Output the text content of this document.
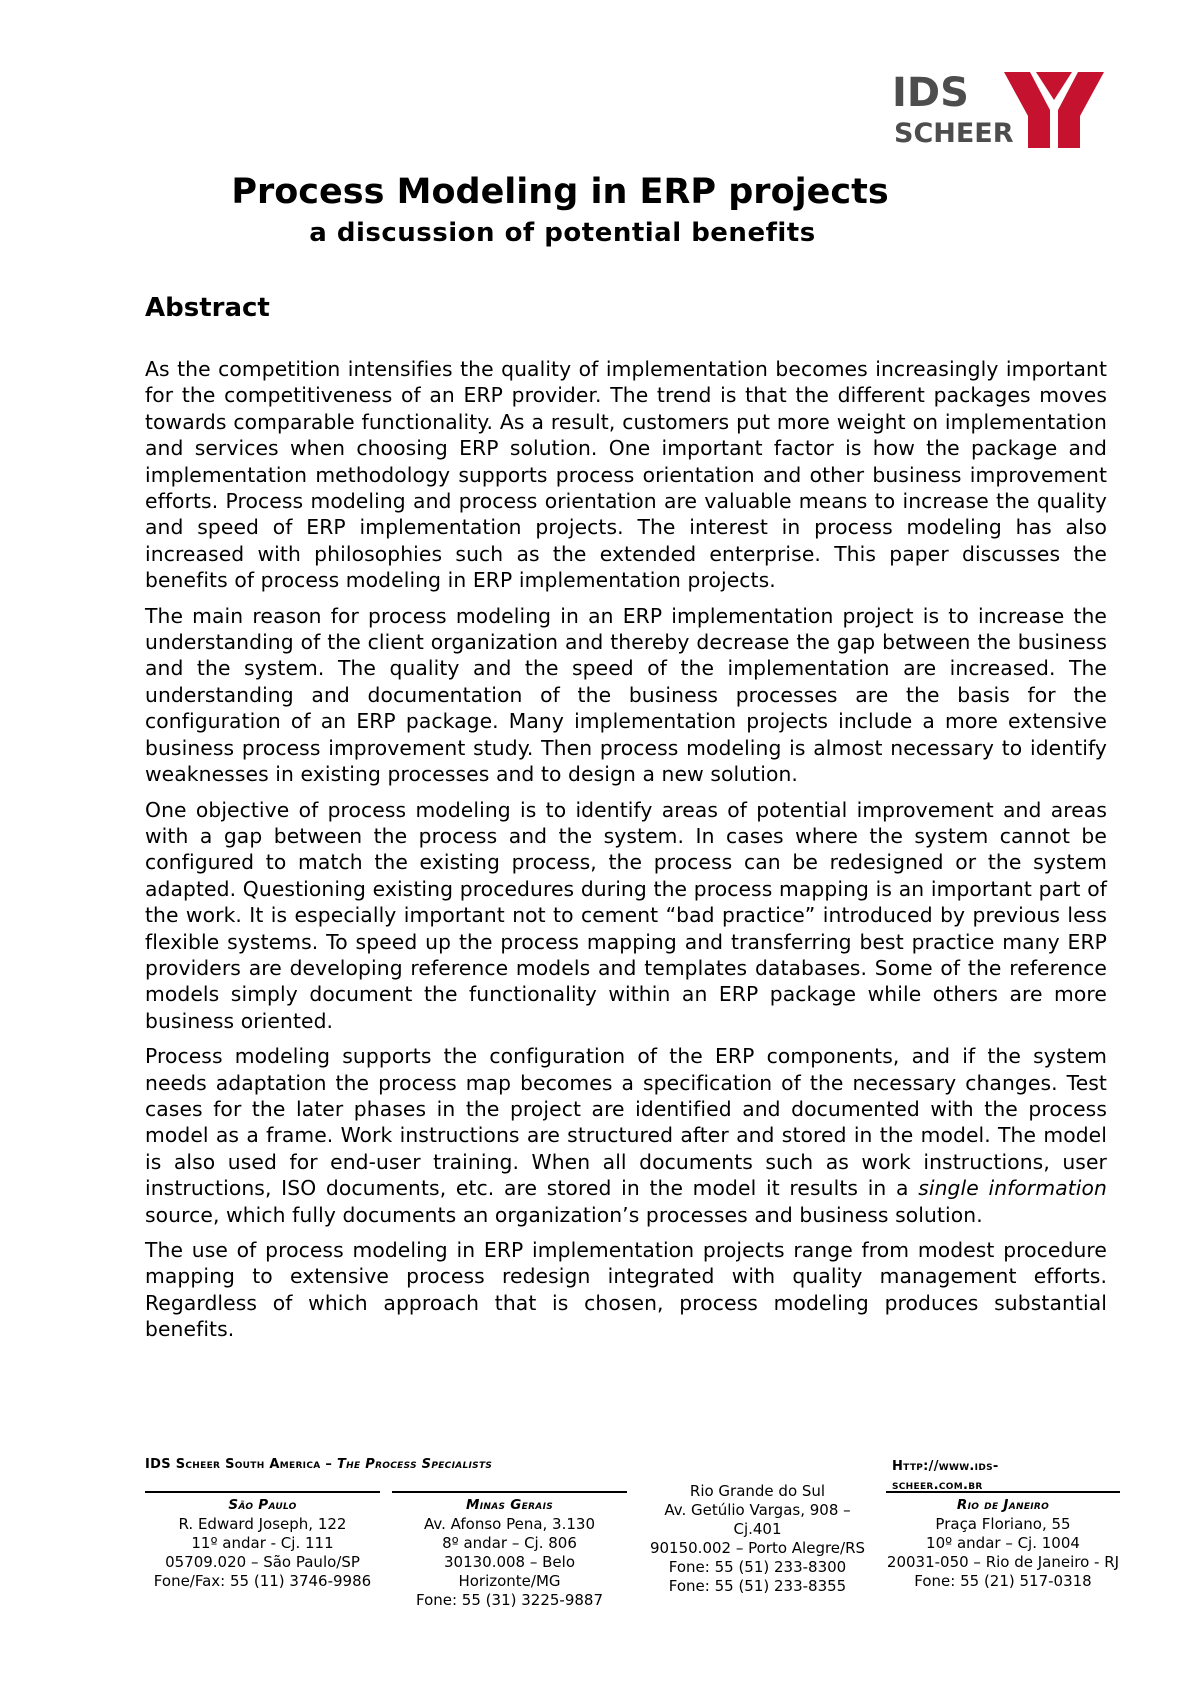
IDS
SCHEER
Process Modeling in ERP projects
a discussion of potential benefits
Abstract

As the competition intensifies the quality of implementation becomes increasingly important for the competitiveness of an ERP provider. The trend is that the different packages moves towards comparable functionality. As a result, customers put more weight on implementation and services when choosing ERP solution. One important factor is how the package and implementation methodology supports process orientation and other business improvement efforts. Process modeling and process orientation are valuable means to increase the quality and speed of ERP implementation projects. The interest in process modeling has also increased with philosophies such as the extended enterprise. This paper discusses the benefits of process modeling in ERP implementation projects.

The main reason for process modeling in an ERP implementation project is to increase the understanding of the client organization and thereby decrease the gap between the business and the system. The quality and the speed of the implementation are increased. The understanding and documentation of the business processes are the basis for the configuration of an ERP package. Many implementation projects include a more extensive business process improvement study. Then process modeling is almost necessary to identify weaknesses in existing processes and to design a new solution.

One objective of process modeling is to identify areas of potential improvement and areas with a gap between the process and the system. In cases where the system cannot be configured to match the existing process, the process can be redesigned or the system adapted. Questioning existing procedures during the process mapping is an important part of the work. It is especially important not to cement “bad practice” introduced by previous less flexible systems. To speed up the process mapping and transferring best practice many ERP providers are developing reference models and templates databases. Some of the reference models simply document the functionality within an ERP package while others are more business oriented.

Process modeling supports the configuration of the ERP components, and if the system needs adaptation the process map becomes a specification of the necessary changes. Test cases for the later phases in the project are identified and documented with the process model as a frame. Work instructions are structured after and stored in the model. The model is also used for end-user training. When all documents such as work instructions, user instructions, ISO documents, etc. are stored in the model it results in a single information source, which fully documents an organization’s processes and business solution.

The use of process modeling in ERP implementation projects range from modest procedure mapping to extensive process redesign integrated with quality management efforts. Regardless of which approach that is chosen, process modeling produces substantial benefits.

IDS Scheer South America – The Process Specialists	Http://www.ids-scheer.com.br
São Paulo
R. Edward Joseph, 122
11º andar - Cj. 111
05709.020 – São Paulo/SP
Fone/Fax: 55 (11) 3746-9986
Minas Gerais
Av. Afonso Pena, 3.130
8º andar – Cj. 806
30130.008 – Belo Horizonte/MG
Fone: 55 (31) 3225-9887
Rio Grande do Sul
Av. Getúlio Vargas, 908 – Cj.401
90150.002 – Porto Alegre/RS
Fone: 55 (51) 233-8300
Fone: 55 (51) 233-8355
Rio de Janeiro
Praça Floriano, 55
10º andar – Cj. 1004
20031-050 – Rio de Janeiro - RJ
Fone: 55 (21) 517-0318
